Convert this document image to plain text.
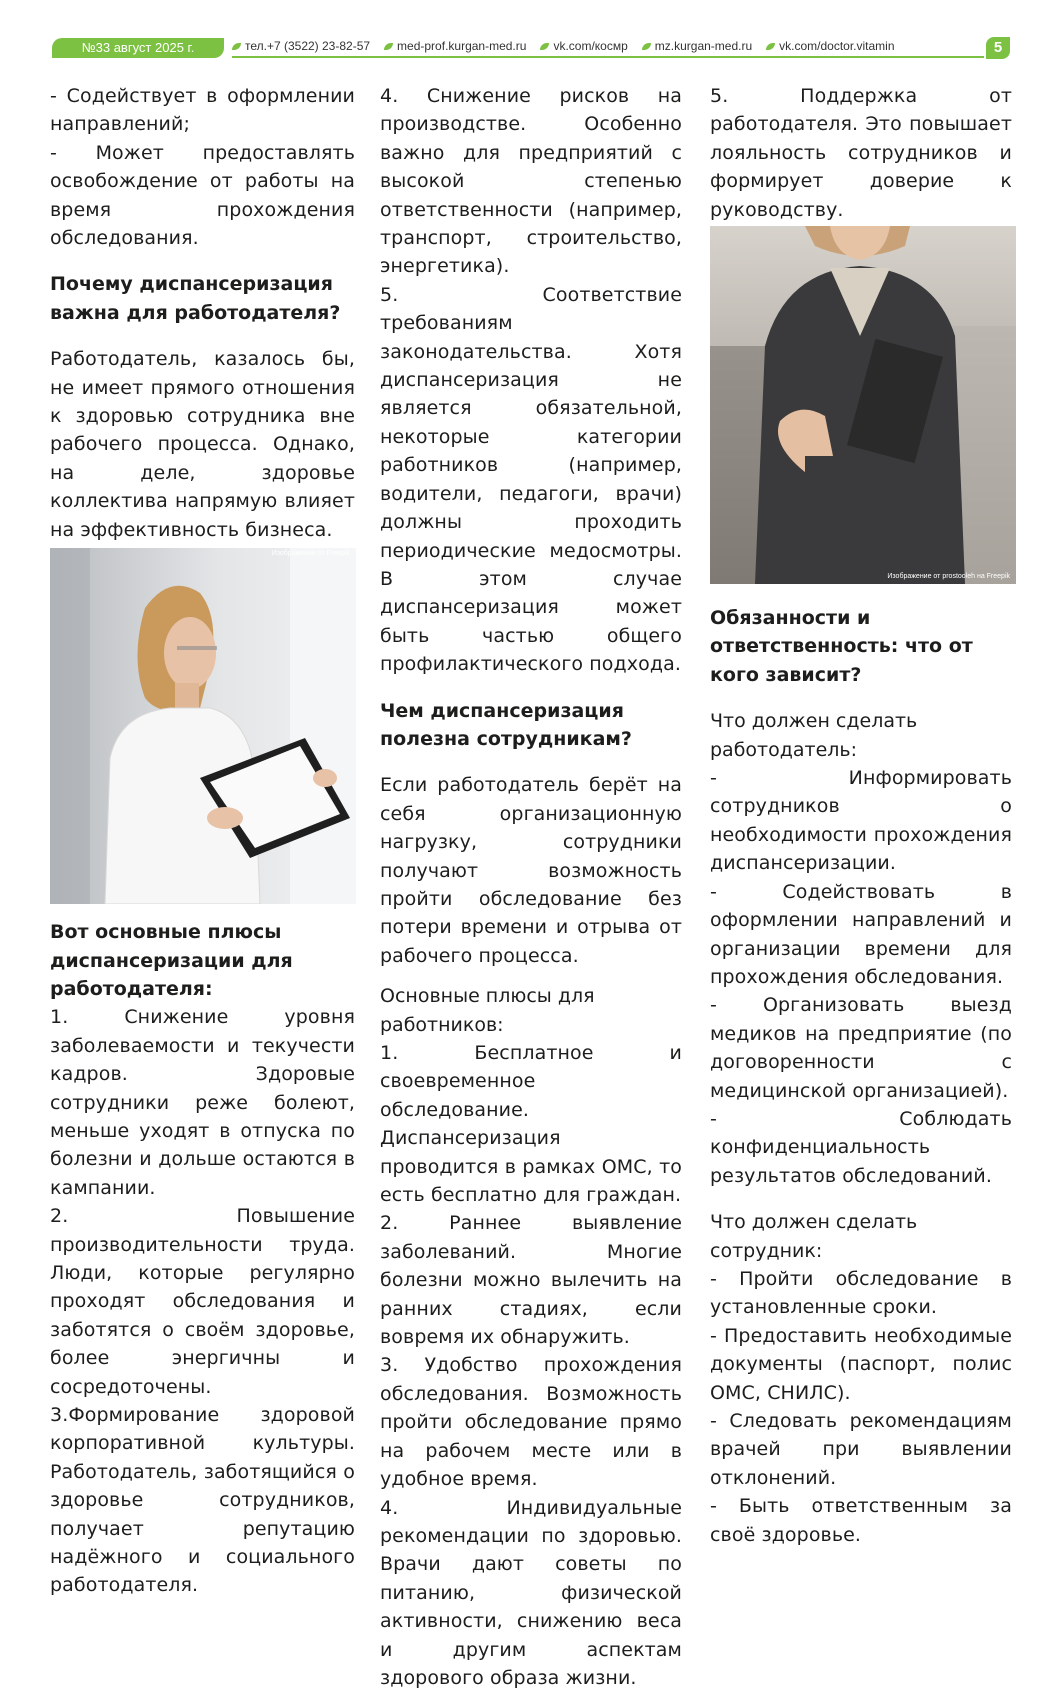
№33 август 2025 г.	тел.+7 (3522) 23-82-57 med-prof.kurgan-med.ru vk.com/космр mz.kurgan-med.ru vk.com/doctor.vitamin	5

- Содействует в оформлении направлений;

- Может предоставлять освобождение от работы на время прохождения обследования.

Почему диспансеризация важна для работодателя?

Работодатель, казалось бы, не имеет прямого отношения к здоровью сотрудника вне рабочего процесса. Однако, на деле, здоровье коллектива напрямую влияет на эффективность бизнеса.

Изображение от Freepik

Вот основные плюсы диспансеризации для работодателя:

1. Снижение уровня заболеваемости и текучести кадров. Здоровые сотрудники реже болеют, меньше уходят в отпуска по болезни и дольше остаются в кампании.

2. Повышение производительности труда. Люди, которые регулярно проходят обследования и заботятся о своём здоровье, более энергичны и сосредоточены.

3.Формирование здоровой корпоративной культуры. Работодатель, заботящийся о здоровье сотрудников, получает репутацию надёжного и социального работодателя.

4. Снижение рисков на производстве. Особенно важно для предприятий с высокой степенью ответственности (например, транспорт, строительство, энергетика).

5. Соответствие требованиям законодательства. Хотя диспансеризация не является обязательной, некоторые категории работников (например, водители, педагоги, врачи) должны проходить периодические медосмотры. В этом случае диспансеризация может быть частью общего профилактического подхода.

Чем диспансеризация полезна сотрудникам?

Если работодатель берёт на себя организационную нагрузку, сотрудники получают возможность пройти обследование без потери времени и отрыва от рабочего процесса.

Основные плюсы для работников:

1. Бесплатное и своевременное обследование. Диспансеризация проводится в рамках ОМС, то есть бесплатно для граждан.

2. Раннее выявление заболеваний. Многие болезни можно вылечить на ранних стадиях, если вовремя их обнаружить.

3. Удобство прохождения обследования. Возможность пройти обследование прямо на рабочем месте или в удобное время.

4. Индивидуальные рекомендации по здоровью. Врачи дают советы по питанию, физической активности, снижению веса и другим аспектам здорового образа жизни.

5. Поддержка от работодателя. Это повышает лояльность сотрудников и формирует доверие к руководству.

Изображение от prostooleh на Freepik

Обязанности и ответственность: что от кого зависит?

Что должен сделать работодатель:

- Информировать сотрудников о необходимости прохождения диспансеризации.

- Содействовать в оформлении направлений и организации времени для прохождения обследования.

- Организовать выезд медиков на предприятие (по договоренности с медицинской организацией).

- Соблюдать конфиденциальность результатов обследований.

Что должен сделать сотрудник:

- Пройти обследование в установленные сроки.

- Предоставить необходимые документы (паспорт, полис ОМС, СНИЛС).

- Следовать рекомендациям врачей при выявлении отклонений.

- Быть ответственным за своё здоровье.
